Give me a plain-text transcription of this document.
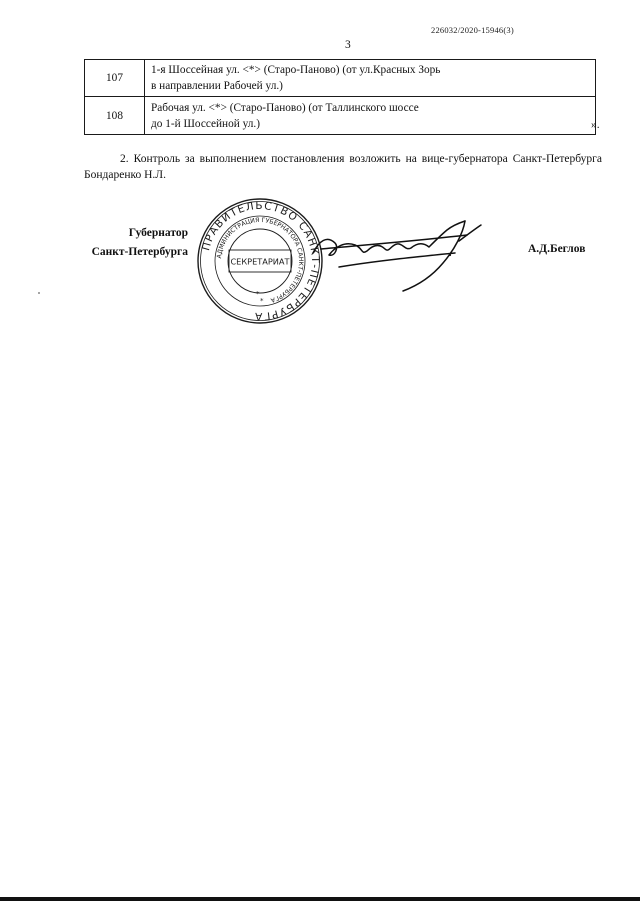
226032/2020-15946(3)
3
107	1-я Шоссейная ул. <*> (Старо-Паново) (от ул.Красных Зорь
в направлении Рабочей ул.)

108	Рабочая ул. <*> (Старо-Паново) (от Таллинского шоссе
до 1-й Шоссейной ул.)	».
2. Контроль за выполнением постановления возложить на вице-губернатора Санкт-Петербурга Бондаренко Н.Л.
Губернатор
Санкт-Петербурга ПРАВИТЕЛЬСТВО САНКТ-ПЕТЕРБУРГА
АДМИНИСТРАЦИЯ ГУБЕРНАТОРА САНКТ-ПЕТЕРБУРГА
СЕКРЕТАРИАТ
*
*
А.Д.Беглов
